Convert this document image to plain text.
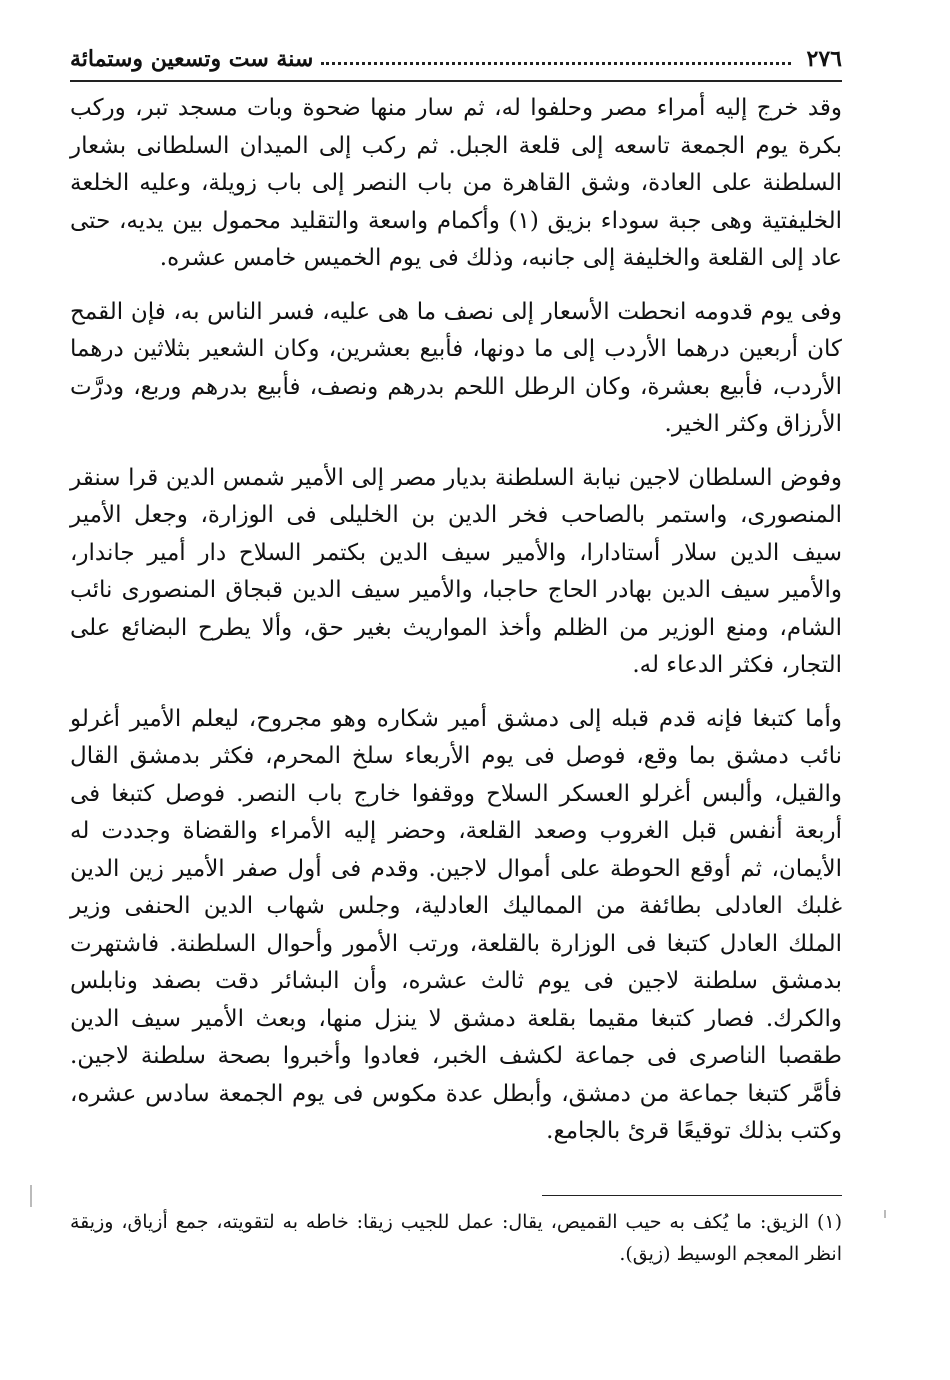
٢٧٦
سنة ست وتسعين وستمائة

وقد خرج إليه أمراء مصر وحلفوا له، ثم سار منها ضحوة وبات مسجد تبر، وركب بكرة يوم الجمعة تاسعه إلى قلعة الجبل. ثم ركب إلى الميدان السلطانى بشعار السلطنة على العادة، وشق القاهرة من باب النصر إلى باب زويلة، وعليه الخلعة الخليفتية وهى جبة سوداء بزيق (١) وأكمام واسعة والتقليد محمول بين يديه، حتى عاد إلى القلعة والخليفة إلى جانبه، وذلك فى يوم الخميس خامس عشره.

وفى يوم قدومه انحطت الأسعار إلى نصف ما هى عليه، فسر الناس به، فإن القمح كان أربعين درهما الأردب إلى ما دونها، فأبيع بعشرين، وكان الشعير بثلاثين درهما الأردب، فأبيع بعشرة، وكان الرطل اللحم بدرهم ونصف، فأبيع بدرهم وربع، ودرَّت الأرزاق وكثر الخير.

وفوض السلطان لاجين نيابة السلطنة بديار مصر إلى الأمير شمس الدين قرا سنقر المنصورى، واستمر بالصاحب فخر الدين بن الخليلى فى الوزارة، وجعل الأمير سيف الدين سلار أستادارا، والأمير سيف الدين بكتمر السلاح دار أمير جاندار، والأمير سيف الدين بهادر الحاج حاجبا، والأمير سيف الدين قبجاق المنصورى نائب الشام، ومنع الوزير من الظلم وأخذ المواريث بغير حق، وألا يطرح البضائع على التجار، فكثر الدعاء له.

وأما كتبغا فإنه قدم قبله إلى دمشق أمير شكاره وهو مجروح، ليعلم الأمير أغرلو نائب دمشق بما وقع، فوصل فى يوم الأربعاء سلخ المحرم، فكثر بدمشق القال والقيل، وألبس أغرلو العسكر السلاح ووقفوا خارج باب النصر. فوصل كتبغا فى أربعة أنفس قبل الغروب وصعد القلعة، وحضر إليه الأمراء والقضاة وجددت له الأيمان، ثم أوقع الحوطة على أموال لاجين. وقدم فى أول صفر الأمير زين الدين غلبك العادلى بطائفة من المماليك العادلية، وجلس شهاب الدين الحنفى وزير الملك العادل كتبغا فى الوزارة بالقلعة، ورتب الأمور وأحوال السلطنة. فاشتهرت بدمشق سلطنة لاجين فى يوم ثالث عشره، وأن البشائر دقت بصفد ونابلس والكرك. فصار كتبغا مقيما بقلعة دمشق لا ينزل منها، وبعث الأمير سيف الدين طقصبا الناصرى فى جماعة لكشف الخبر، فعادوا وأخبروا بصحة سلطنة لاجين. فأمَّر كتبغا جماعة من دمشق، وأبطل عدة مكوس فى يوم الجمعة سادس عشره، وكتب بذلك توقيعًا قرئ بالجامع.

(١) الزيق: ما يُكف به حيب القميص، يقال: عمل للجيب زيقا: خاطه به لتقويته، جمع أزياق، وزيقة انظر المعجم الوسيط (زيق).
